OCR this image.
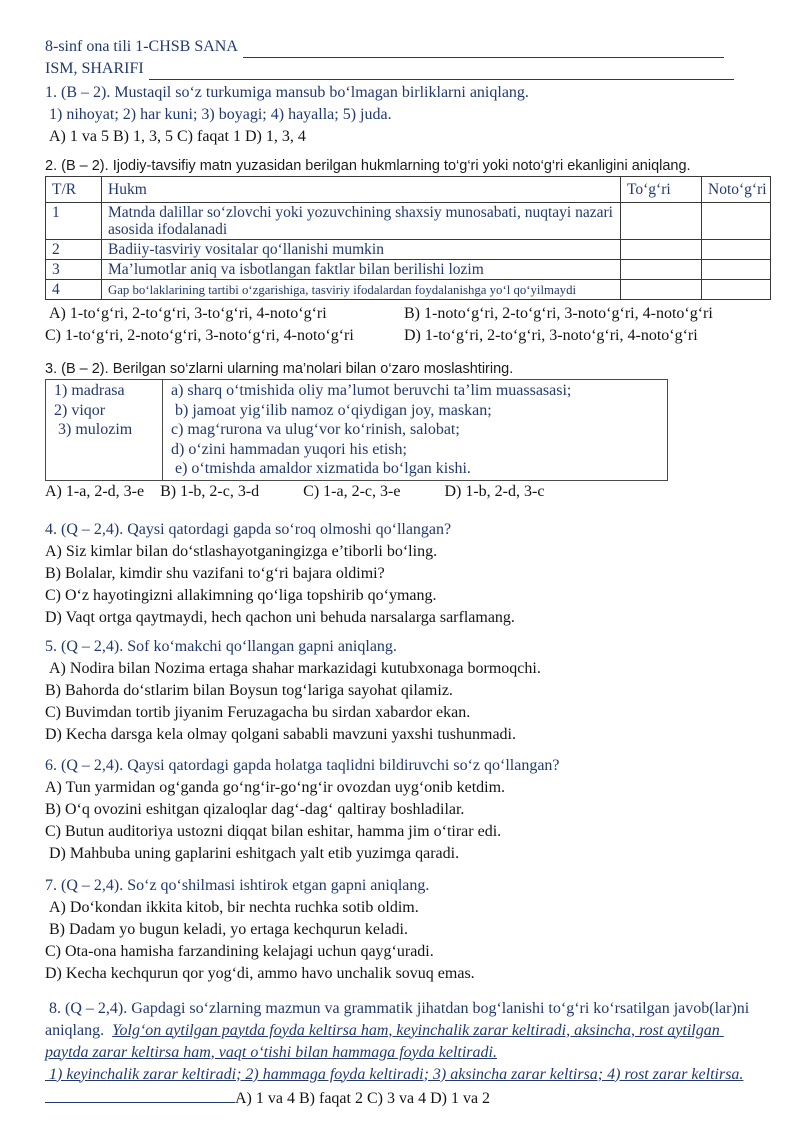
8-sinf ona tili 1-CHSB SANA
ISM, SHARIFI

1. (B – 2). Mustaqil so‘z turkumiga mansub bo‘lmagan birliklarni aniqlang.

1) nihoyat; 2) har kuni; 3) boyagi; 4) hayalla; 5) juda.

A) 1 va 5 B) 1, 3, 5 C) faqat 1 D) 1, 3, 4

2. (B – 2). Ijodiy-tavsifiy matn yuzasidan berilgan hukmlarning to‘g‘ri yoki noto‘g‘ri ekanligini aniqlang.

T/R	Hukm	To‘g‘ri	Noto‘g‘ri
1	Matnda dalillar so‘zlovchi yoki yozuvchining shaxsiy munosabati, nuqtayi nazari asosida ifodalanadi		
2	Badiiy-tasviriy vositalar qo‘llanishi mumkin		
3	Ma’lumotlar aniq va isbotlangan faktlar bilan berilishi lozim		
4	Gap bo‘laklarining tartibi o‘zgarishiga, tasviriy ifodalardan foydalanishga yo‘l qo‘yilmaydi		

A) 1-to‘g‘ri, 2-to‘g‘ri, 3-to‘g‘ri, 4-noto‘g‘ri	B) 1-noto‘g‘ri, 2-to‘g‘ri, 3-noto‘g‘ri, 4-noto‘g‘ri

C) 1-to‘g‘ri, 2-noto‘g‘ri, 3-noto‘g‘ri, 4-noto‘g‘ri	D) 1-to‘g‘ri, 2-to‘g‘ri, 3-noto‘g‘ri, 4-noto‘g‘ri

3. (B – 2). Berilgan so‘zlarni ularning ma’nolari bilan o‘zaro moslashtiring.

1) madrasa
2) viqor
3) mulozim

a) sharq o‘tmishida oliy ma’lumot beruvchi ta’lim muassasasi;
b) jamoat yig‘ilib namoz o‘qiydigan joy, maskan;
c) mag‘rurona va ulug‘vor ko‘rinish, salobat;
d) o‘zini hammadan yuqori his etish;
e) o‘tmishda amaldor xizmatida bo‘lgan kishi.
A) 1-a, 2-d, 3-e B) 1-b, 2-c, 3-d	C) 1-a, 2-c, 3-e	D) 1-b, 2-d, 3-c

4. (Q – 2,4). Qaysi qatordagi gapda so‘roq olmoshi qo‘llangan?

A) Siz kimlar bilan do‘stlashayotganingizga e’tiborli bo‘ling.

B) Bolalar, kimdir shu vazifani to‘g‘ri bajara oldimi?

C) O‘z hayotingizni allakimning qo‘liga topshirib qo‘ymang.

D) Vaqt ortga qaytmaydi, hech qachon uni behuda narsalarga sarflamang.

5. (Q – 2,4). Sof ko‘makchi qo‘llangan gapni aniqlang.

A) Nodira bilan Nozima ertaga shahar markazidagi kutubxonaga bormoqchi.

B) Bahorda do‘stlarim bilan Boysun tog‘lariga sayohat qilamiz.

C) Buvimdan tortib jiyanim Feruzagacha bu sirdan xabardor ekan.

D) Kecha darsga kela olmay qolgani sababli mavzuni yaxshi tushunmadi.

6. (Q – 2,4). Qaysi qatordagi gapda holatga taqlidni bildiruvchi so‘z qo‘llangan?

A) Tun yarmidan og‘ganda go‘ng‘ir-go‘ng‘ir ovozdan uyg‘onib ketdim.

B) O‘q ovozini eshitgan qizaloqlar dag‘-dag‘ qaltiray boshladilar.

C) Butun auditoriya ustozni diqqat bilan eshitar, hamma jim o‘tirar edi.

D) Mahbuba uning gaplarini eshitgach yalt etib yuzimga qaradi.

7. (Q – 2,4). So‘z qo‘shilmasi ishtirok etgan gapni aniqlang.

A) Do‘kondan ikkita kitob, bir nechta ruchka sotib oldim.

B) Dadam yo bugun keladi, yo ertaga kechqurun keladi.

C) Ota-ona hamisha farzandining kelajagi uchun qayg‘uradi.

D) Kecha kechqurun qor yog‘di, ammo havo unchalik sovuq emas.

8. (Q – 2,4). Gapdagi so‘zlarning mazmun va grammatik jihatdan bog‘lanishi to‘g‘ri ko‘rsatilgan javob(lar)ni aniqlang.  Yolg‘on aytilgan paytda foyda keltirsa ham, keyinchalik zarar keltiradi, aksincha, rost aytilgan paytda zarar keltirsa ham, vaqt o‘tishi bilan hammaga foyda keltiradi.

1) keyinchalik zarar keltiradi; 2) hammaga foyda keltiradi; 3) aksincha zarar keltirsa; 4) rost zarar keltirsa.A) 1 va 4 B) faqat 2 C) 3 va 4 D) 1 va 2
